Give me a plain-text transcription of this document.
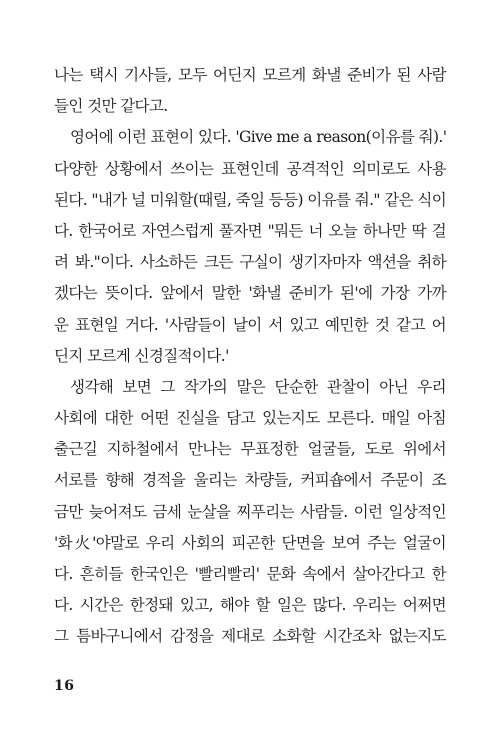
나는 택시 기사들, 모두 어딘지 모르게 화낼 준비가 된 사람
들인 것만 같다고.
영어에 이런 표현이 있다. 'Give me a reason(이유를 줘).'
다양한 상황에서 쓰이는 표현인데 공격적인 의미로도 사용
된다. "내가 널 미워할(때릴, 죽일 등등) 이유를 줘." 같은 식이
다. 한국어로 자연스럽게 풀자면 "뭐든 너 오늘 하나만 딱 걸
려 봐."이다. 사소하든 크든 구실이 생기자마자 액션을 취하
겠다는 뜻이다. 앞에서 말한 '화낼 준비가 된'에 가장 가까
운 표현일 거다. '사람들이 날이 서 있고 예민한 것 같고 어
딘지 모르게 신경질적이다.'
생각해 보면 그 작가의 말은 단순한 관찰이 아닌 우리
사회에 대한 어떤 진실을 담고 있는지도 모른다. 매일 아침
출근길 지하철에서 만나는 무표정한 얼굴들, 도로 위에서
서로를 향해 경적을 울리는 차량들, 커피숍에서 주문이 조
금만 늦어져도 금세 눈살을 찌푸리는 사람들. 이런 일상적인
'화火'야말로 우리 사회의 피곤한 단면을 보여 주는 얼굴이
다. 흔히들 한국인은 '빨리빨리' 문화 속에서 살아간다고 한
다. 시간은 한정돼 있고, 해야 할 일은 많다. 우리는 어쩌면
그 틈바구니에서 감정을 제대로 소화할 시간조차 없는지도
16
